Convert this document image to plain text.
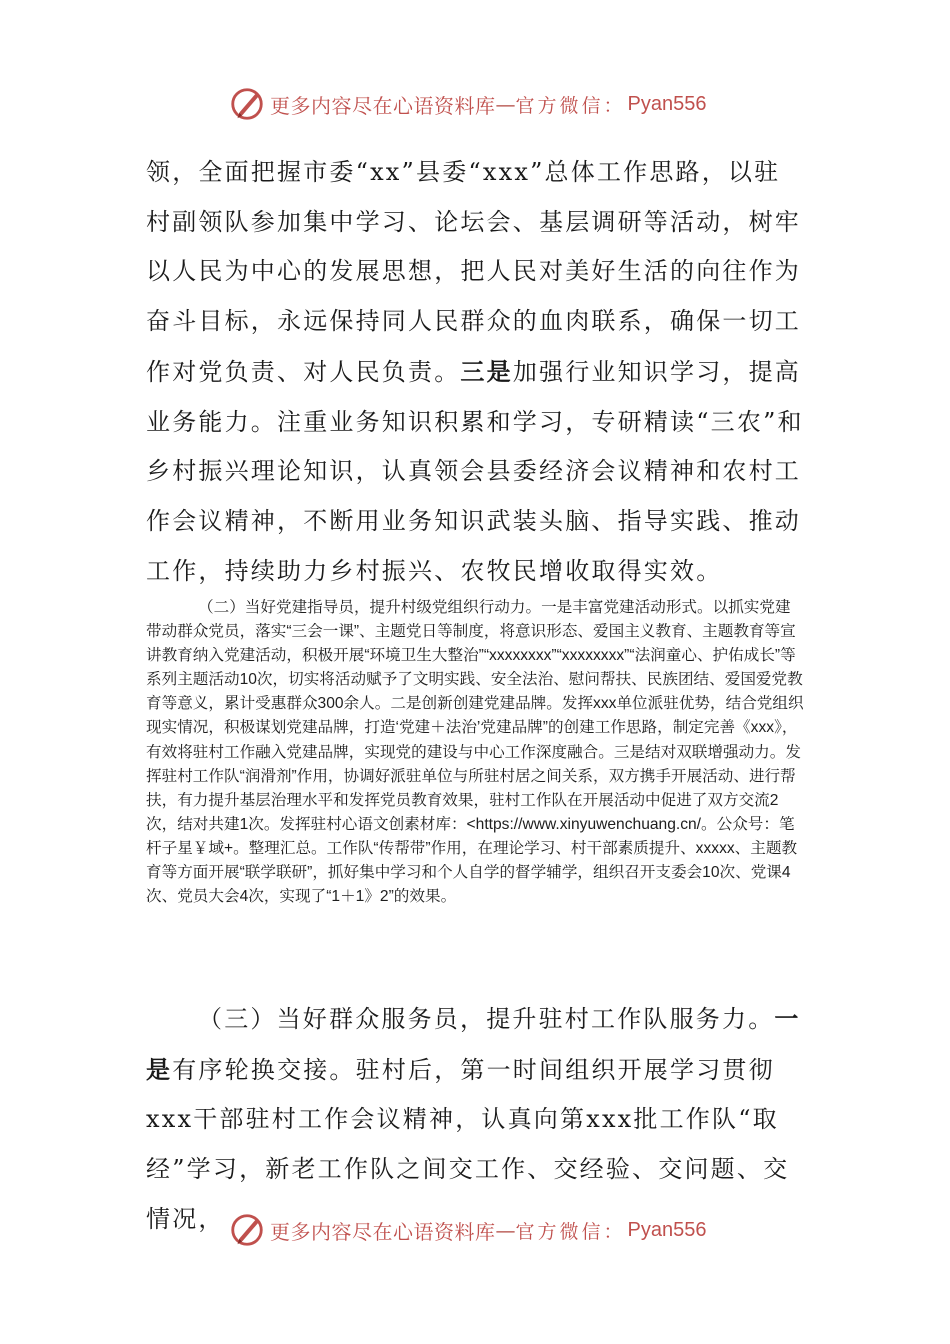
更多内容尽在心语资料库 — 官方微信： Pyan556

领，全面把握市委“xx”县委“xxx”总体工作思路，以驻村副领队参加集中学习、论坛会、基层调研等活动，树牢以人民为中心的发展思想，把人民对美好生活的向往作为奋斗目标，永远保持同人民群众的血肉联系，确保一切工作对党负责、对人民负责。三是加强行业知识学习，提高业务能力。注重业务知识积累和学习，专研精读“三农”和乡村振兴理论知识，认真领会县委经济会议精神和农村工作会议精神，不断用业务知识武装头脑、指导实践、推动工作，持续助力乡村振兴、农牧民增收取得实效。

（二）当好党建指导员，提升村级党组织行动力。一是丰富党建活动形式。以抓实党建带动群众党员，落实“三会一课”、主题党日等制度，将意识形态、爱国主义教育、主题教育等宣讲教育纳入党建活动，积极开展“环境卫生大整治”“xxxxxxxx”“xxxxxxxx”“法润童心、护佑成长”等系列主题活动10次，切实将活动赋予了文明实践、安全法治、慰问帮扶、民族团结、爱国爱党教育等意义，累计受惠群众300余人。二是创新创建党建品牌。发挥xxx单位派驻优势，结合党组织现实情况，积极谋划党建品牌，打造‘党建＋法治’党建品牌”的创建工作思路，制定完善《xxx》，有效将驻村工作融入党建品牌，实现党的建设与中心工作深度融合。三是结对双联增强动力。发挥驻村工作队“润滑剂”作用，协调好派驻单位与所驻村居之间关系，双方携手开展活动、进行帮扶，有力提升基层治理水平和发挥党员教育效果，驻村工作队在开展活动中促进了双方交流2次，结对共建1次。发挥驻村心语文创素材库：<https://www.xinyuwenchuang.cn/。公众号：笔杆子星￥域+。整理汇总。工作队“传帮带”作用，在理论学习、村干部素质提升、xxxxx、主题教育等方面开展“联学联研”，抓好集中学习和个人自学的督学辅学，组织召开支委会10次、党课4次、党员大会4次，实现了“1＋1》2”的效果。

（三）当好群众服务员，提升驻村工作队服务力。一是有序轮换交接。驻村后，第一时间组织开展学习贯彻xxx干部驻村工作会议精神，认真向第xxx批工作队“取经”学习，新老工作队之间交工作、交经验、交问题、交情况，	更多内容尽在心语资料库 — 官方微信： Pyan556
